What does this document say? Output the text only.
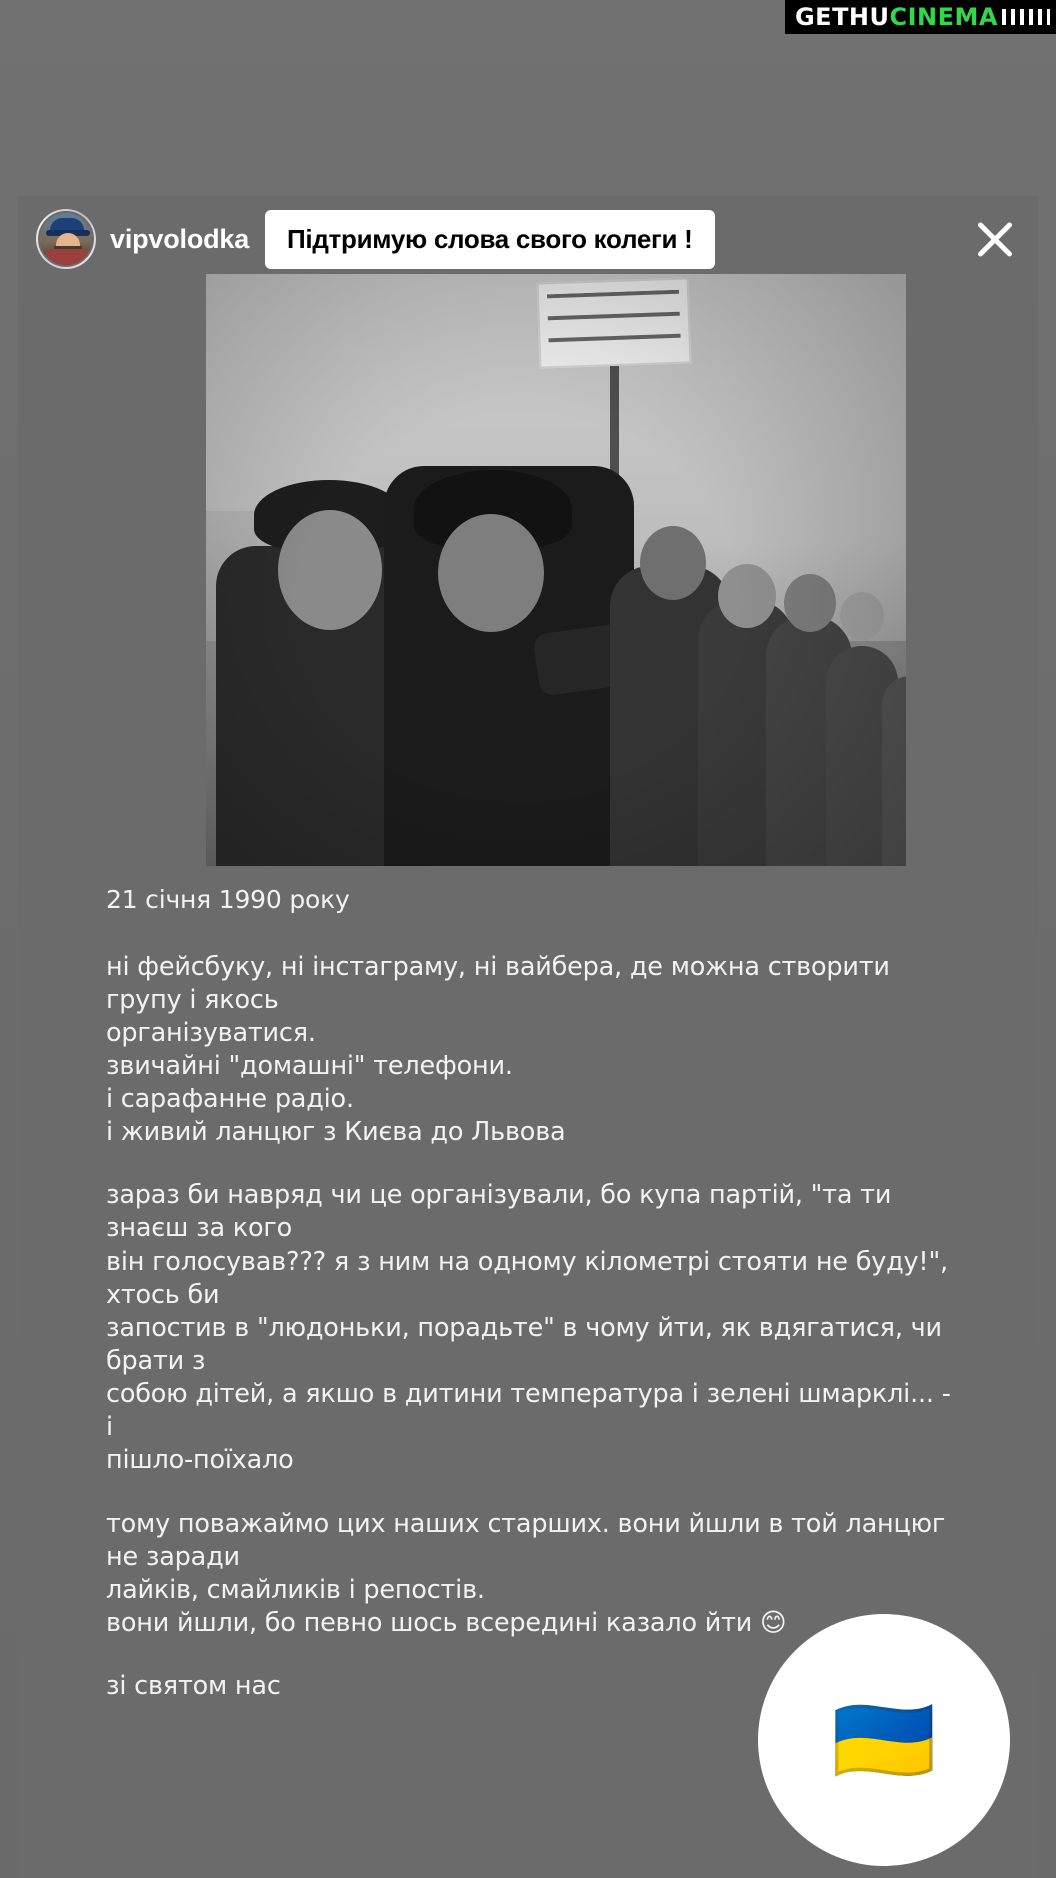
GETHUCINEMA
vipvolodka	Підтримую слова свого колеги !
21 січня 1990 року
ні фейсбуку, ні інстаграму, ні вайбера, де можна створити групу і якось
організуватися.
звичайні "домашні" телефони.
і сарафанне радіо.
і живий ланцюг з Києва до Львова
зараз би навряд чи це організували, бо купа партій, "та ти знаєш за кого
він голосував??? я з ним на одному кілометрі стояти не буду!", хтось би
запостив в "людоньки, порадьте" в чому йти, як вдягатися, чи брати з
собою дітей, а якшо в дитини температура і зелені шмарклі... - і
пішло-поїхало
тому поважаймо цих наших старших. вони йшли в той ланцюг не заради
лайків, смайликів і репостів.
вони йшли, бо певно шось всередині казало йти 😊
зі святом нас
🇺🇦
